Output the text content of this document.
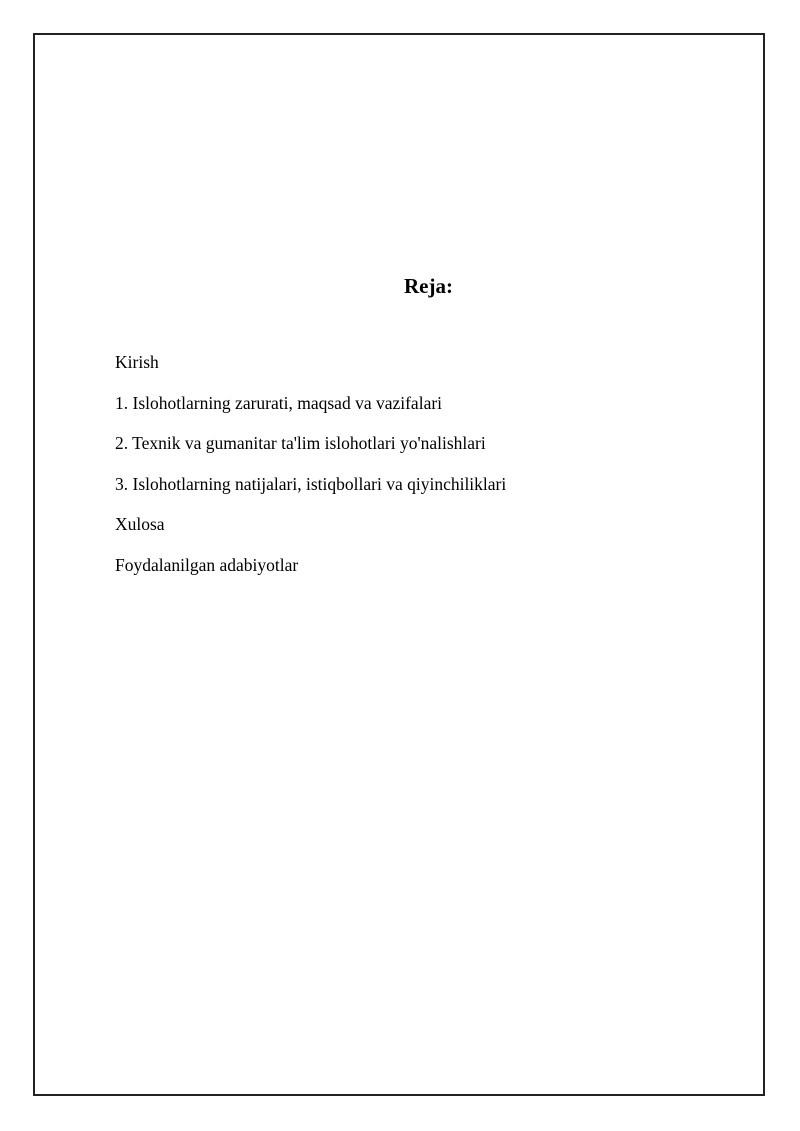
Reja:
Kirish
1. Islohotlarning zarurati, maqsad va vazifalari
2. Texnik va gumanitar ta'lim islohotlari yo'nalishlari
3. Islohotlarning natijalari, istiqbollari va qiyinchiliklari
Xulosa
Foydalanilgan adabiyotlar
